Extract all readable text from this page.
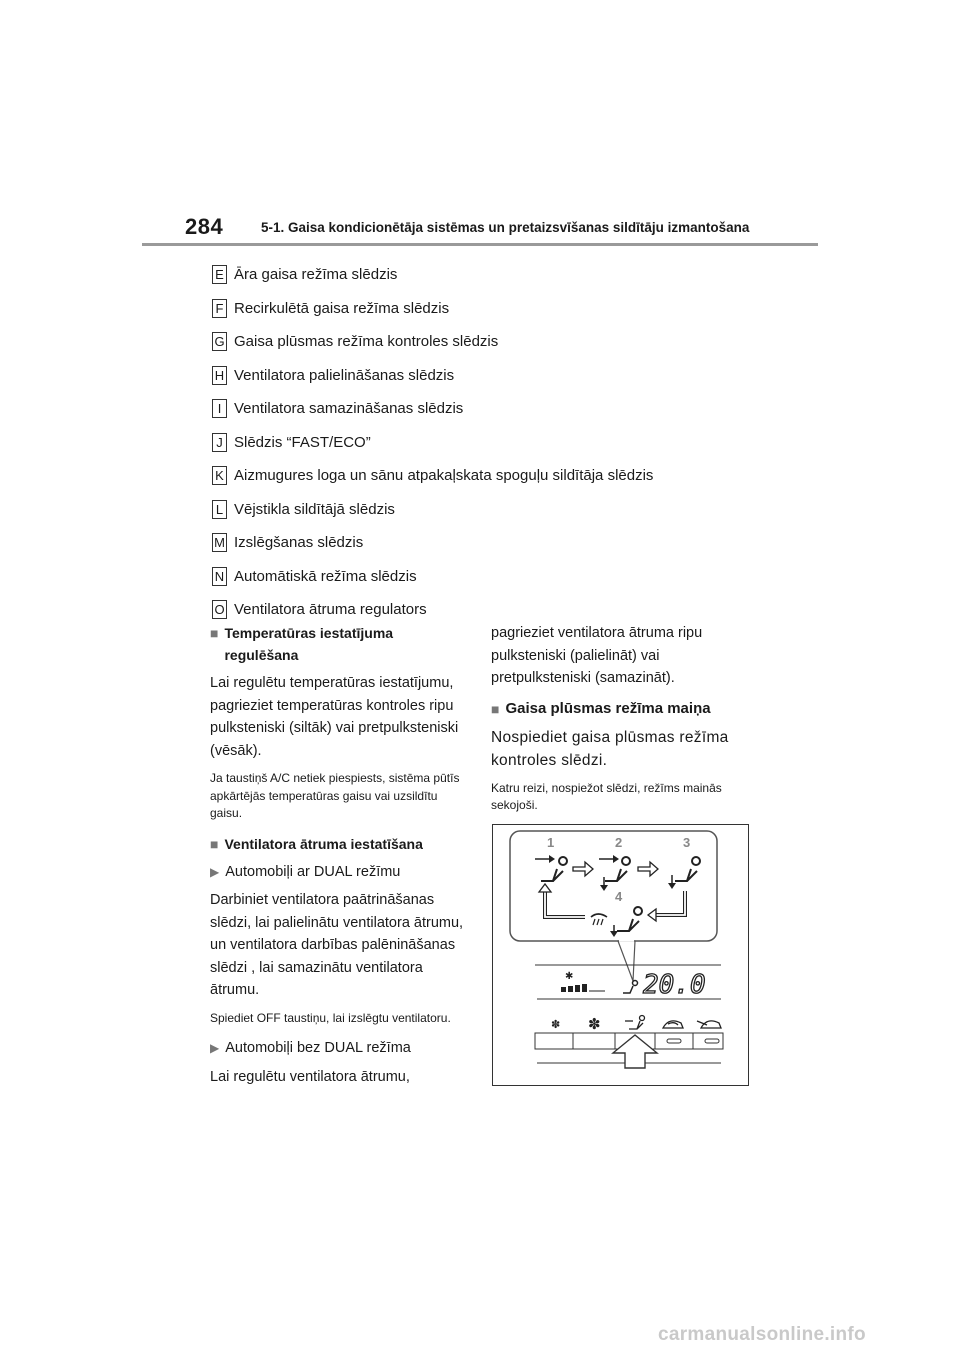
284	5-1. Gaisa kondicionētāja sistēmas un pretaizsvīšanas sildītāju izmantošana
E Āra gaisa režīma slēdzis
F Recirkulētā gaisa režīma slēdzis
G Gaisa plūsmas režīma kontroles slēdzis
H Ventilatora palielināšanas slēdzis
I Ventilatora samazināšanas slēdzis
J Slēdzis “FAST/ECO”
K Aizmugures loga un sānu atpakaļskata spoguļu sildītāja slēdzis
L Vējstikla sildītājā slēdzis
M Izslēgšanas slēdzis
N Automātiskā režīma slēdzis
O Ventilatora ātruma regulators
■ Temperatūras iestatījuma regulēšana
Lai regulētu temperatūras iestatījumu, pagrieziet temperatūras kontroles ripu pulksteniski (siltāk) vai pretpulksteniski (vēsāk).
Ja taustiņš A/C netiek piespiests, sistēma pūtīs apkārtējās temperatūras gaisu vai uzsildītu gaisu.
■ Ventilatora ātruma iestatīšana
▶ Automobiļi ar DUAL režīmu
Darbiniet ventilatora paātrināšanas slēdzi, lai palielinātu ventilatora ātrumu, un ventilatora darbības palēnināšanas slēdzi , lai samazinātu ventilatora ātrumu.
Spiediet OFF taustiņu, lai izslēgtu ventilatoru.
▶ Automobiļi bez DUAL režīma
Lai regulētu ventilatora ātrumu,
pagrieziet ventilatora ātruma ripu pulksteniski (palielināt) vai pretpulksteniski (samazināt).
■ Gaisa plūsmas režīma maiņa
Nospiediet gaisa plūsmas režīma kontroles slēdzi.
Katru reizi, nospiežot slēdzi, režīms mainās sekojoši.
1	2	3
4
✱	20.0
✽ ✽
carmanualsonline.info
